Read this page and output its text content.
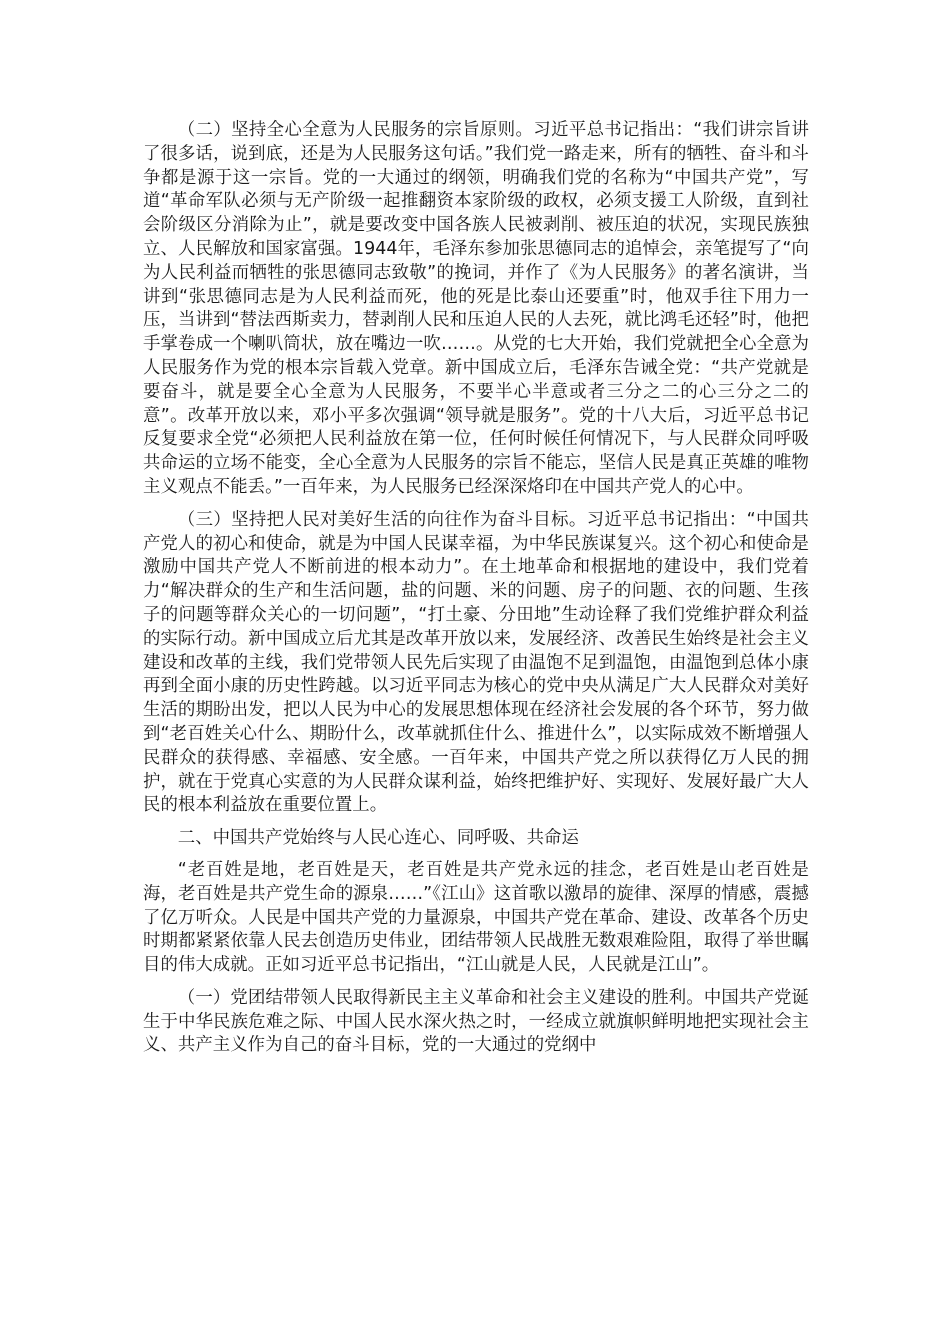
（二）坚持全心全意为人民服务的宗旨原则。习近平总书记指出：“我们讲宗旨讲了很多话，说到底，还是为人民服务这句话。”我们党一路走来，所有的牺牲、奋斗和斗争都是源于这一宗旨。党的一大通过的纲领，明确我们党的名称为“中国共产党”，写道“革命军队必须与无产阶级一起推翻资本家阶级的政权，必须支援工人阶级，直到社会阶级区分消除为止”，就是要改变中国各族人民被剥削、被压迫的状况，实现民族独立、人民解放和国家富强。1944年，毛泽东参加张思德同志的追悼会，亲笔提写了“向为人民利益而牺牲的张思德同志致敬”的挽词，并作了《为人民服务》的著名演讲，当讲到“张思德同志是为人民利益而死，他的死是比泰山还要重”时，他双手往下用力一压，当讲到“替法西斯卖力，替剥削人民和压迫人民的人去死，就比鸿毛还轻”时，他把手掌卷成一个喇叭筒状，放在嘴边一吹……。从党的七大开始，我们党就把全心全意为人民服务作为党的根本宗旨载入党章。新中国成立后，毛泽东告诫全党：“共产党就是要奋斗，就是要全心全意为人民服务，不要半心半意或者三分之二的心三分之二的意”。改革开放以来，邓小平多次强调“领导就是服务”。党的十八大后，习近平总书记反复要求全党“必须把人民利益放在第一位，任何时候任何情况下，与人民群众同呼吸共命运的立场不能变，全心全意为人民服务的宗旨不能忘，坚信人民是真正英雄的唯物主义观点不能丢。”一百年来，为人民服务已经深深烙印在中国共产党人的心中。

（三）坚持把人民对美好生活的向往作为奋斗目标。习近平总书记指出：“中国共产党人的初心和使命，就是为中国人民谋幸福，为中华民族谋复兴。这个初心和使命是激励中国共产党人不断前进的根本动力”。在土地革命和根据地的建设中，我们党着力“解决群众的生产和生活问题，盐的问题、米的问题、房子的问题、衣的问题、生孩子的问题等群众关心的一切问题”，“打土豪、分田地”生动诠释了我们党维护群众利益的实际行动。新中国成立后尤其是改革开放以来，发展经济、改善民生始终是社会主义建设和改革的主线，我们党带领人民先后实现了由温饱不足到温饱，由温饱到总体小康再到全面小康的历史性跨越。以习近平同志为核心的党中央从满足广大人民群众对美好生活的期盼出发，把以人民为中心的发展思想体现在经济社会发展的各个环节，努力做到“老百姓关心什么、期盼什么，改革就抓住什么、推进什么”，以实际成效不断增强人民群众的获得感、幸福感、安全感。一百年来，中国共产党之所以获得亿万人民的拥护，就在于党真心实意的为人民群众谋利益，始终把维护好、实现好、发展好最广大人民的根本利益放在重要位置上。

二、中国共产党始终与人民心连心、同呼吸、共命运

“老百姓是地，老百姓是天，老百姓是共产党永远的挂念，老百姓是山老百姓是海，老百姓是共产党生命的源泉……”《江山》这首歌以激昂的旋律、深厚的情感，震撼了亿万听众。人民是中国共产党的力量源泉，中国共产党在革命、建设、改革各个历史时期都紧紧依靠人民去创造历史伟业，团结带领人民战胜无数艰难险阻，取得了举世瞩目的伟大成就。正如习近平总书记指出，“江山就是人民，人民就是江山”。

（一）党团结带领人民取得新民主主义革命和社会主义建设的胜利。中国共产党诞生于中华民族危难之际、中国人民水深火热之时，一经成立就旗帜鲜明地把实现社会主义、共产主义作为自己的奋斗目标，党的一大通过的党纲中
